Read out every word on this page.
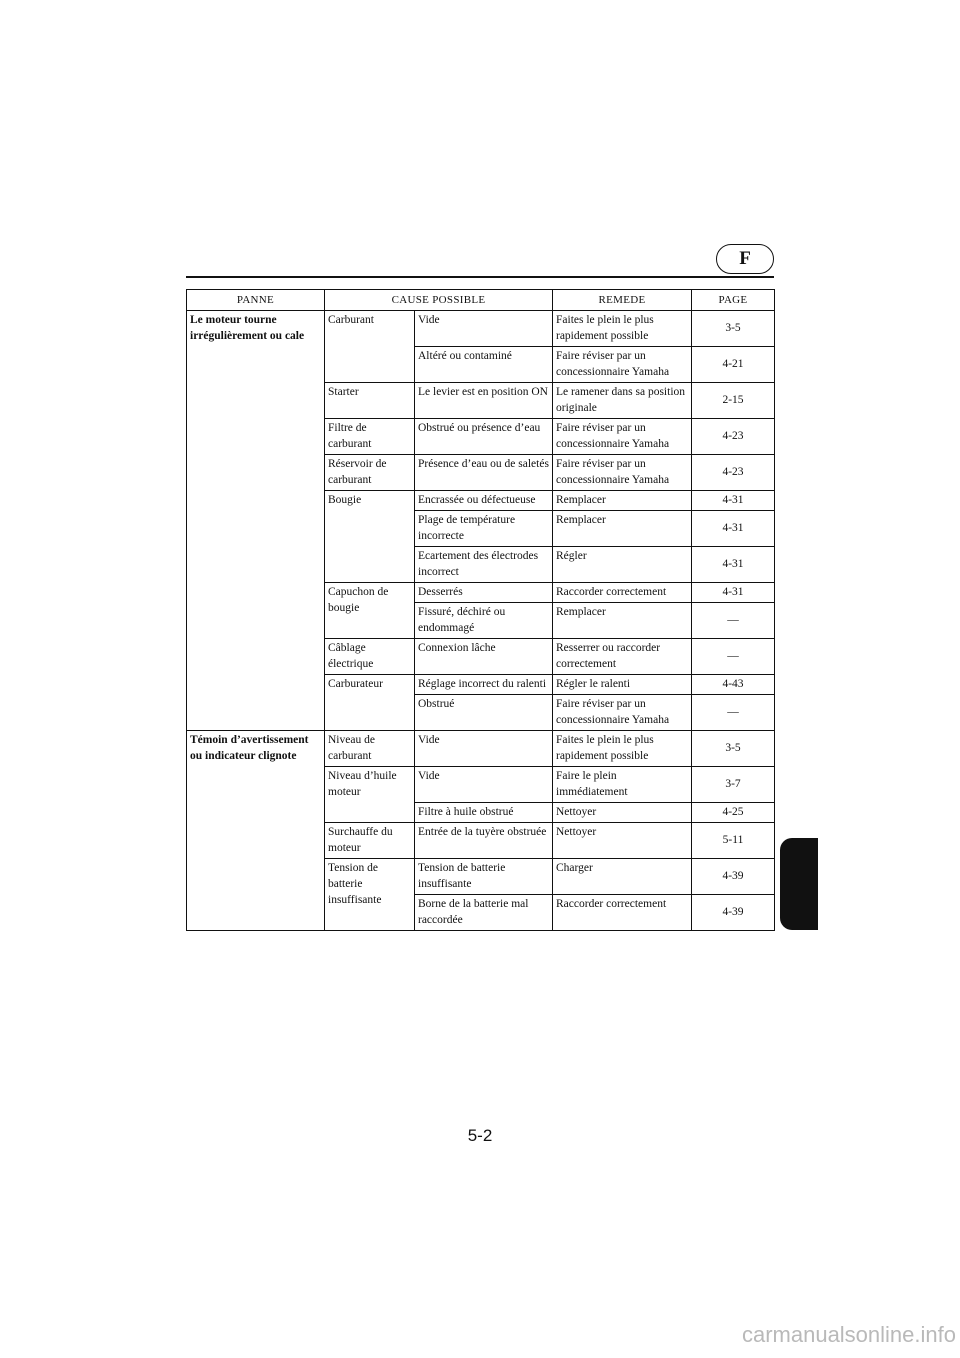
F
PANNE	CAUSE POSSIBLE		REMEDE	PAGE
Le moteur tourne irrégulièrement ou cale	Carburant	Vide	Faites le plein le plus rapidement possible	3-5
		Altéré ou contaminé	Faire réviser par un concessionnaire Yamaha	4-21
	Starter	Le levier est en position ON	Le ramener dans sa position originale	2-15
	Filtre de carburant	Obstrué ou présence d’eau	Faire réviser par un concessionnaire Yamaha	4-23
	Réservoir de carburant	Présence d’eau ou de saletés	Faire réviser par un concessionnaire Yamaha	4-23
	Bougie	Encrassée ou défectueuse	Remplacer	4-31
		Plage de température incorrecte	Remplacer	4-31
		Ecartement des électrodes incorrect	Régler	4-31
	Capuchon de bougie	Desserrés	Raccorder correctement	4-31
		Fissuré, déchiré ou endommagé	Remplacer	—
	Câblage électrique	Connexion lâche	Resserrer ou raccorder correctement	—
	Carburateur	Réglage incorrect du ralenti	Régler le ralenti	4-43
		Obstrué	Faire réviser par un concessionnaire Yamaha	—
Témoin d’avertissement ou indicateur clignote	Niveau de carburant	Vide	Faites le plein le plus rapidement possible	3-5
	Niveau d’huile moteur	Vide	Faire le plein immédiatement	3-7
		Filtre à huile obstrué	Nettoyer	4-25
	Surchauffe du moteur	Entrée de la tuyère obstruée	Nettoyer	5-11
	Tension de batterie insuffisante	Tension de batterie insuffisante	Charger	4-39
		Borne de la batterie mal raccordée	Raccorder correctement	4-39
5-2
carmanualsonline.info
